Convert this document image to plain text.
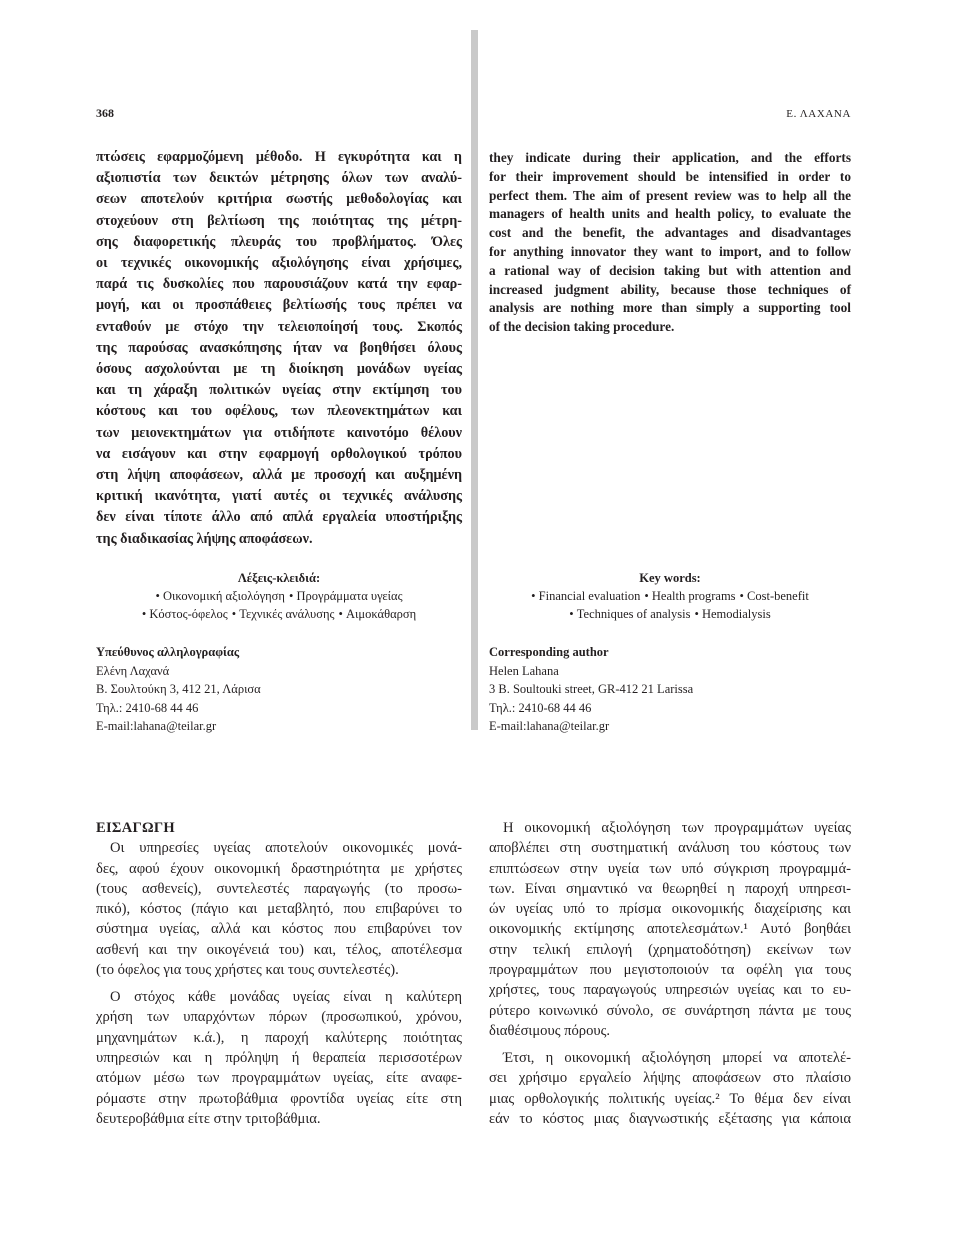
368	Ε. ΛΑΧΑΝΑ
πτώσεις εφαρμοζόμενη μέθοδο. Η εγκυρότητα και η
αξιοπιστία των δεικτών μέτρησης όλων των αναλύ-
σεων αποτελούν κριτήρια σωστής μεθοδολογίας και
στοχεύουν στη βελτίωση της ποιότητας της μέτρη-
σης διαφορετικής πλευράς του προβλήματος. Όλες
οι τεχνικές οικονομικής αξιολόγησης είναι χρήσιμες,
παρά τις δυσκολίες που παρουσιάζουν κατά την εφαρ-
μογή, και οι προσπάθειες βελτίωσής τους πρέπει να
ενταθούν με στόχο την τελειοποίησή τους. Σκοπός
της παρούσας ανασκόπησης ήταν να βοηθήσει όλους
όσους ασχολούνται με τη διοίκηση μονάδων υγείας
και τη χάραξη πολιτικών υγείας στην εκτίμηση του
κόστους και του οφέλους, των πλεονεκτημάτων και
των μειονεκτημάτων για οτιδήποτε καινοτόμο θέλουν
να εισάγουν και στην εφαρμογή ορθολογικού τρόπου
στη λήψη αποφάσεων, αλλά με προσοχή και αυξημένη
κριτική ικανότητα, γιατί αυτές οι τεχνικές ανάλυσης
δεν είναι τίποτε άλλο από απλά εργαλεία υποστήριξης
της διαδικασίας λήψης αποφάσεων.
they indicate during their application, and the efforts
for their improvement should be intensified in order to
perfect them. The aim of present review was to help all the
managers of health units and health policy, to evaluate the
cost and the benefit, the advantages and disadvantages
for anything innovator they want to import, and to follow
a rational way of decision taking but with attention and
increased judgment ability, because those techniques of
analysis are nothing more than simply a supporting tool
of the decision taking procedure.
Λέξεις-κλειδιά:
• Οικονομική αξιολόγηση • Προγράμματα υγείας
• Κόστος-όφελος • Τεχνικές ανάλυσης • Αιμοκάθαρση
Key words:
• Financial evaluation • Health programs • Cost-benefit
• Techniques of analysis • Hemodialysis
Υπεύθυνος αλληλογραφίας
Ελένη Λαχανά
Β. Σουλτούκη 3, 412 21, Λάρισα
Τηλ.: 2410-68 44 46
E-mail:lahana@teilar.gr
Corresponding author
Helen Lahana
3 B. Soultouki street, GR-412 21 Larissa
Τηλ.: 2410-68 44 46
E-mail:lahana@teilar.gr
ΕΙΣΑΓΩΓΗ
Οι υπηρεσίες υγείας αποτελούν οικονομικές μονά-
δες, αφού έχουν οικονομική δραστηριότητα με χρήστες
(τους ασθενείς), συντελεστές παραγωγής (το προσω-
πικό), κόστος (πάγιο και μεταβλητό, που επιβαρύνει το
σύστημα υγείας, αλλά και κόστος που επιβαρύνει τον
ασθενή και την οικογένειά του) και, τέλος, αποτέλεσμα
(το όφελος για τους χρήστες και τους συντελεστές).
Ο στόχος κάθε μονάδας υγείας είναι η καλύτερη
χρήση των υπαρχόντων πόρων (προσωπικού, χρόνου,
μηχανημάτων κ.ά.), η παροχή καλύτερης ποιότητας
υπηρεσιών και η πρόληψη ή θεραπεία περισσοτέρων
ατόμων μέσω των προγραμμάτων υγείας, είτε αναφε-
ρόμαστε στην πρωτοβάθμια φροντίδα υγείας είτε στη
δευτεροβάθμια είτε στην τριτοβάθμια.
Η οικονομική αξιολόγηση των προγραμμάτων υγείας
αποβλέπει στη συστηματική ανάλυση του κόστους των
επιπτώσεων στην υγεία των υπό σύγκριση προγραμμά-
των. Είναι σημαντικό να θεωρηθεί η παροχή υπηρεσι-
ών υγείας υπό το πρίσμα οικονομικής διαχείρισης και
οικονομικής εκτίμησης αποτελεσμάτων.¹ Αυτό βοηθάει
στην τελική επιλογή (χρηματοδότηση) εκείνων των
προγραμμάτων που μεγιστοποιούν τα οφέλη για τους
χρήστες, τους παραγωγούς υπηρεσιών υγείας και το ευ-
ρύτερο κοινωνικό σύνολο, σε συνάρτηση πάντα με τους
διαθέσιμους πόρους.
Έτσι, η οικονομική αξιολόγηση μπορεί να αποτελέ-
σει χρήσιμο εργαλείο λήψης αποφάσεων στο πλαίσιο
μιας ορθολογικής πολιτικής υγείας.² Το θέμα δεν είναι
εάν το κόστος μιας διαγνωστικής εξέτασης για κάποια
